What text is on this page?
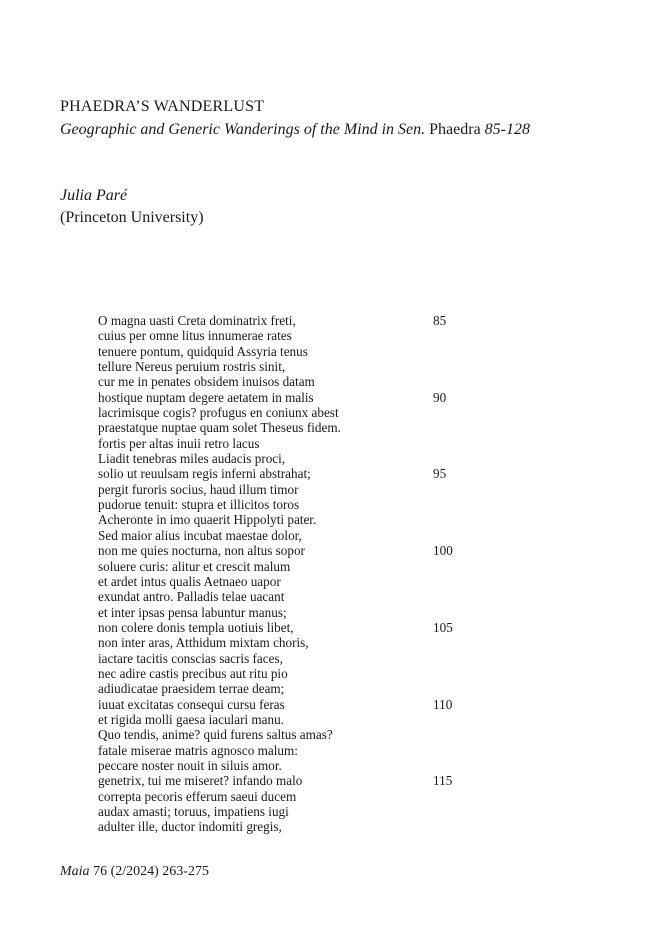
PHAEDRA’S WANDERLUST
Geographic and Generic Wanderings of the Mind in Sen. Phaedra 85-128
Julia Paré
(Princeton University)
O magna uasti Creta dominatrix freti,	85
cuius per omne litus innumerae rates
tenuere pontum, quidquid Assyria tenus
tellure Nereus peruium rostris sinit,
cur me in penates obsidem inuisos datam
hostique nuptam degere aetatem in malis	90
lacrimisque cogis? profugus en coniunx abest
praestatque nuptae quam solet Theseus fidem.
fortis per altas inuii retro lacus
Liadit tenebras miles audacis proci,
solio ut reuulsam regis inferni abstrahat;	95
pergit furoris socius, haud illum timor
pudorue tenuit: stupra et illicitos toros
Acheronte in imo quaerit Hippolyti pater.
Sed maior alius incubat maestae dolor,
non me quies nocturna, non altus sopor	100
soluere curis: alitur et crescit malum
et ardet intus qualis Aetnaeo uapor
exundat antro. Palladis telae uacant
et inter ipsas pensa labuntur manus;
non colere donis templa uotiuis libet,	105
non inter aras, Atthidum mixtam choris,
iactare tacitis conscias sacris faces,
nec adire castis precibus aut ritu pio
adiudicatae praesidem terrae deam;
iuuat excitatas consequi cursu feras	110
et rigida molli gaesa iaculari manu.
Quo tendis, anime? quid furens saltus amas?
fatale miserae matris agnosco malum:
peccare noster nouit in siluis amor.
genetrix, tui me miseret? infando malo	115
correpta pecoris efferum saeui ducem
audax amasti; toruus, impatiens iugi
adulter ille, ductor indomiti gregis,
Maia 76 (2/2024) 263-275
